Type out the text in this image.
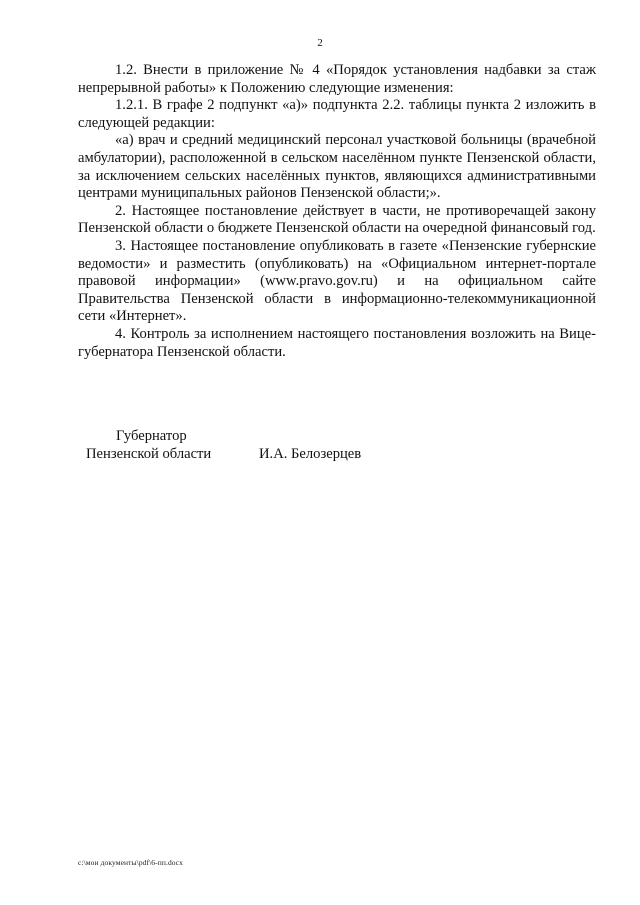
2

1.2. Внести в приложение № 4 «Порядок установления надбавки за стаж непрерывной работы» к Положению следующие изменения:

1.2.1. В графе 2 подпункт «а)» подпункта 2.2. таблицы пункта 2 изложить в следующей редакции:

«а) врач и средний медицинский персонал участковой больницы (врачебной амбулатории), расположенной в сельском населённом пункте Пензенской области, за исключением сельских населённых пунктов, являющихся административными центрами муниципальных районов Пензенской области;».

2. Настоящее постановление действует в части, не противоречащей закону Пензенской области о бюджете Пензенской области на очередной финансовый год.

3. Настоящее постановление опубликовать в газете «Пензенские губернские ведомости» и разместить (опубликовать) на «Официальном интернет-портале правовой информации» (www.pravo.gov.ru) и на официальном сайте Правительства Пензенской области в информационно-телекоммуникационной сети «Интернет».

4. Контроль за исполнением настоящего постановления возложить на Вице-губернатора Пензенской области.

Губернатор

Пензенской области	И.А. Белозерцев
c:\мои документы\pdf\6-пп.docx
